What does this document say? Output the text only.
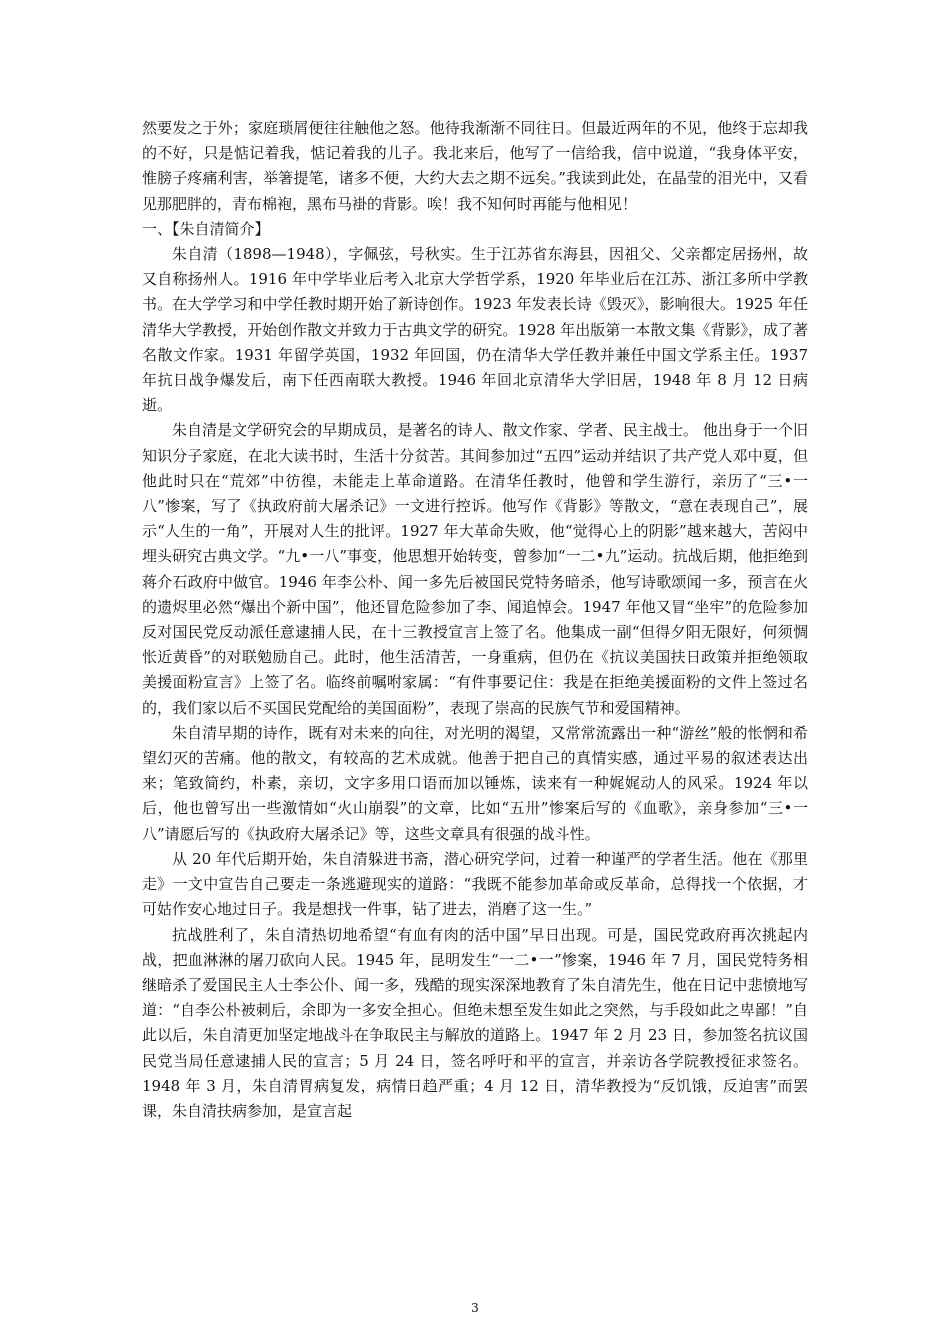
然要发之于外；家庭琐屑便往往触他之怒。他待我渐渐不同往日。但最近两年的不见，他终于忘却我的不好，只是惦记着我，惦记着我的儿子。我北来后，他写了一信给我，信中说道，“我身体平安，惟膀子疼痛利害，举箸提笔，诸多不便，大约大去之期不远矣。”我读到此处，在晶莹的泪光中，又看见那肥胖的，青布棉袍，黑布马褂的背影。唉！我不知何时再能与他相见！

一、【朱自清简介】

朱自清（1898—1948），字佩弦，号秋实。生于江苏省东海县，因祖父、父亲都定居扬州，故又自称扬州人。1916 年中学毕业后考入北京大学哲学系，1920 年毕业后在江苏、浙江多所中学教书。在大学学习和中学任教时期开始了新诗创作。1923 年发表长诗《毁灭》，影响很大。1925 年任清华大学教授，开始创作散文并致力于古典文学的研究。1928 年出版第一本散文集《背影》，成了著名散文作家。1931 年留学英国，1932 年回国，仍在清华大学任教并兼任中国文学系主任。1937 年抗日战争爆发后，南下任西南联大教授。1946 年回北京清华大学旧居，1948 年 8 月 12 日病逝。

朱自清是文学研究会的早期成员，是著名的诗人、散文作家、学者、民主战士。 他出身于一个旧知识分子家庭，在北大读书时，生活十分贫苦。其间参加过“五四”运动并结识了共产党人邓中夏，但他此时只在“荒郊”中彷徨，未能走上革命道路。在清华任教时，他曾和学生游行，亲历了“三•一八”惨案，写了《执政府前大屠杀记》一文进行控诉。他写作《背影》等散文，“意在表现自己”，展示“人生的一角”，开展对人生的批评。1927 年大革命失败，他“觉得心上的阴影”越来越大，苦闷中埋头研究古典文学。“九•一八”事变，他思想开始转变，曾参加“一二•九”运动。抗战后期，他拒绝到蒋介石政府中做官。1946 年李公朴、闻一多先后被国民党特务暗杀，他写诗歌颂闻一多，预言在火的遗烬里必然“爆出个新中国”，他还冒危险参加了李、闻追悼会。1947 年他又冒“坐牢”的危险参加反对国民党反动派任意逮捕人民，在十三教授宣言上签了名。他集成一副“但得夕阳无限好，何须惆怅近黄昏”的对联勉励自己。此时，他生活清苦，一身重病，但仍在《抗议美国扶日政策并拒绝领取美援面粉宣言》上签了名。临终前嘱咐家属：“有件事要记住：我是在拒绝美援面粉的文件上签过名的，我们家以后不买国民党配给的美国面粉”，表现了崇高的民族气节和爱国精神。

朱自清早期的诗作，既有对未来的向往，对光明的渴望，又常常流露出一种“游丝”般的怅惘和希望幻灭的苦痛。他的散文，有较高的艺术成就。他善于把自己的真情实感，通过平易的叙述表达出来；笔致简约，朴素，亲切，文字多用口语而加以锤炼，读来有一种娓娓动人的风采。1924 年以后，他也曾写出一些激情如“火山崩裂”的文章，比如“五卅”惨案后写的《血歌》，亲身参加“三•一八”请愿后写的《执政府大屠杀记》等，这些文章具有很强的战斗性。

从 20 年代后期开始，朱自清躲进书斋，潜心研究学问，过着一种谨严的学者生活。他在《那里走》一文中宣告自己要走一条逃避现实的道路：“我既不能参加革命或反革命，总得找一个依据，才可姑作安心地过日子。我是想找一件事，钻了进去，消磨了这一生。”

抗战胜利了，朱自清热切地希望“有血有肉的活中国”早日出现。可是，国民党政府再次挑起内战，把血淋淋的屠刀砍向人民。1945 年，昆明发生“一二•一”惨案，1946 年 7 月，国民党特务相继暗杀了爱国民主人士李公仆、闻一多，残酷的现实深深地教育了朱自清先生，他在日记中悲愤地写道：“自李公朴被刺后，余即为一多安全担心。但绝未想至发生如此之突然，与手段如此之卑鄙！”自此以后，朱自清更加坚定地战斗在争取民主与解放的道路上。1947 年 2 月 23 日，参加签名抗议国民党当局任意逮捕人民的宣言；5 月 24 日，签名呼吁和平的宣言，并亲访各学院教授征求签名。1948 年 3 月，朱自清胃病复发，病情日趋严重；4 月 12 日，清华教授为“反饥饿，反迫害”而罢课，朱自清扶病参加，是宣言起

3
